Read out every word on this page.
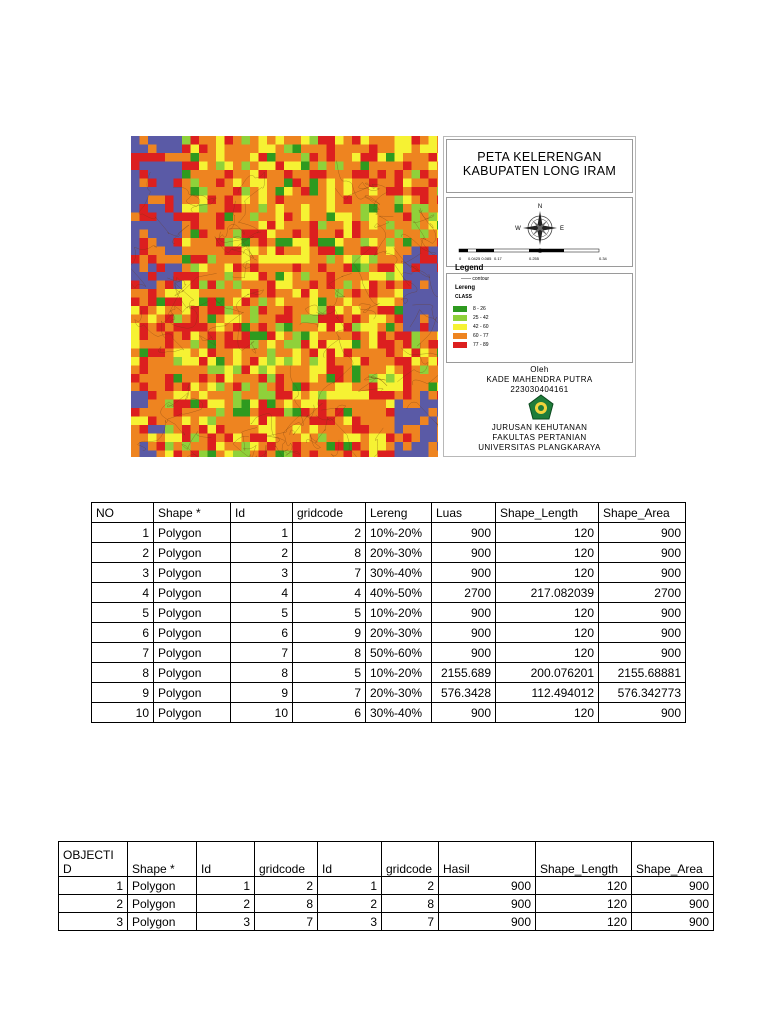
PETA KELERENGAN
KABUPATEN LONG IRAM
N
E
W
0 0.0425 0.085 0.17	0.255	0.34
Legend
—— contour
Lereng
CLASS
8 - 26
25 - 42
42 - 60
60 - 77
77 - 89
Oleh
KADE MAHENDRA PUTRA
223030404161
JURUSAN KEHUTANAN
FAKULTAS PERTANIAN
UNIVERSITAS PLANGKARAYA
NO	Shape *	Id	gridcode	Lereng	Luas	Shape_Length	Shape_Area
1	Polygon	1	2	10%-20%	900	120	900
2	Polygon	2	8	20%-30%	900	120	900
3	Polygon	3	7	30%-40%	900	120	900
4	Polygon	4	4	40%-50%	2700	217.082039	2700
5	Polygon	5	5	10%-20%	900	120	900
6	Polygon	6	9	20%-30%	900	120	900
7	Polygon	7	8	50%-60%	900	120	900
8	Polygon	8	5	10%-20%	2155.689	200.076201	2155.68881
9	Polygon	9	7	20%-30%	576.3428	112.494012	576.342773
10	Polygon	10	6	30%-40%	900	120	900
OBJECTI
D	Shape *	Id	gridcode	Id	gridcode	Hasil	Shape_Length	Shape_Area
1	Polygon	1	2	1	2	900	120	900
2	Polygon	2	8	2	8	900	120	900
3	Polygon	3	7	3	7	900	120	900
